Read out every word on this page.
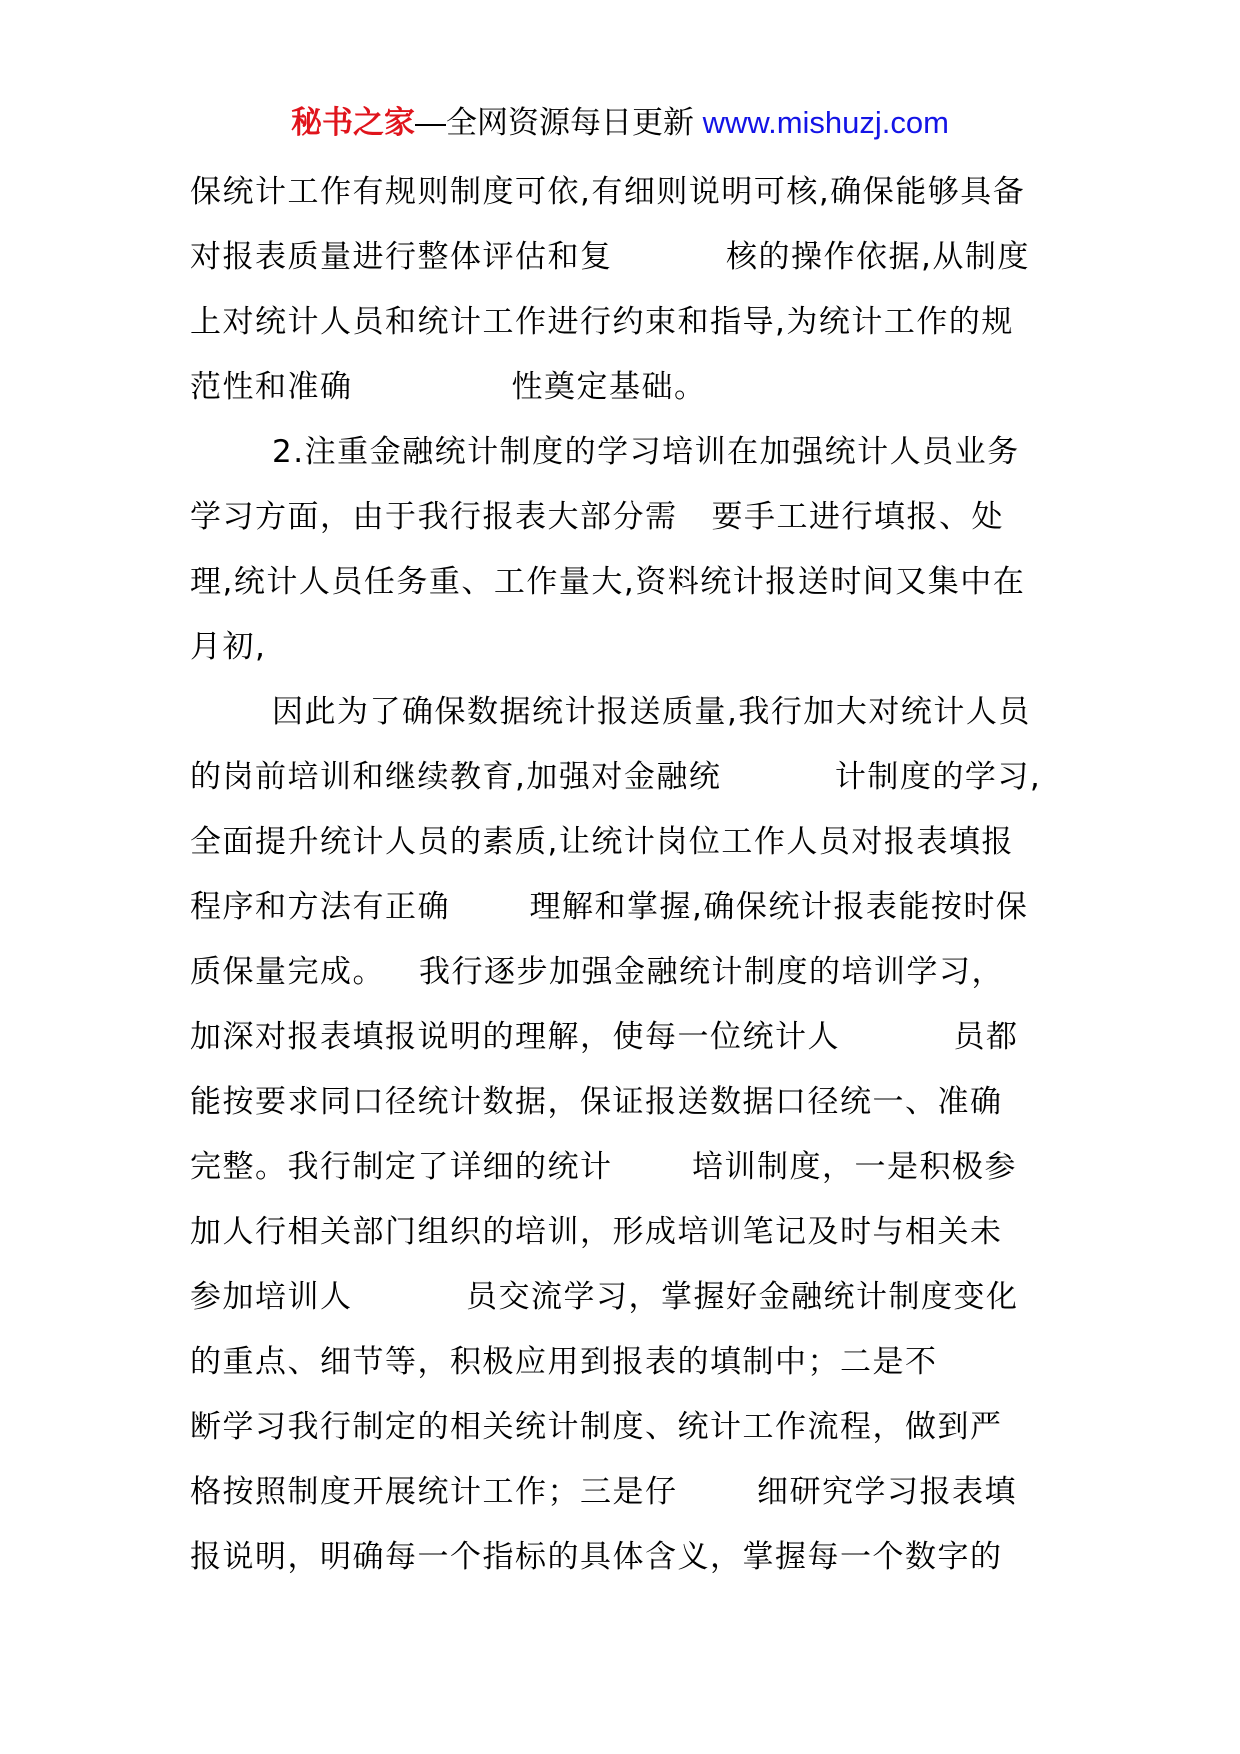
秘书之家—全网资源每日更新 www.mishuzj.com
保统计工作有规则制度可依,有细则说明可核,确保能够具备
对报表质量进行整体评估和复          核的操作依据,从制度
上对统计人员和统计工作进行约束和指导,为统计工作的规
范性和准确              性奠定基础。
2.注重金融统计制度的学习培训在加强统计人员业务
学习方面，由于我行报表大部分需   要手工进行填报、处
理,统计人员任务重、工作量大,资料统计报送时间又集中在
月初,
因此为了确保数据统计报送质量,我行加大对统计人员
的岗前培训和继续教育,加强对金融统          计制度的学习,
全面提升统计人员的素质,让统计岗位工作人员对报表填报
程序和方法有正确       理解和掌握,确保统计报表能按时保
质保量完成。   我行逐步加强金融统计制度的培训学习，
加深对报表填报说明的理解，使每一位统计人          员都
能按要求同口径统计数据，保证报送数据口径统一、准确
完整。我行制定了详细的统计       培训制度，一是积极参
加人行相关部门组织的培训，形成培训笔记及时与相关未
参加培训人          员交流学习，掌握好金融统计制度变化
的重点、细节等，积极应用到报表的填制中；二是不
断学习我行制定的相关统计制度、统计工作流程，做到严
格按照制度开展统计工作；三是仔       细研究学习报表填
报说明，明确每一个指标的具体含义，掌握每一个数字的
